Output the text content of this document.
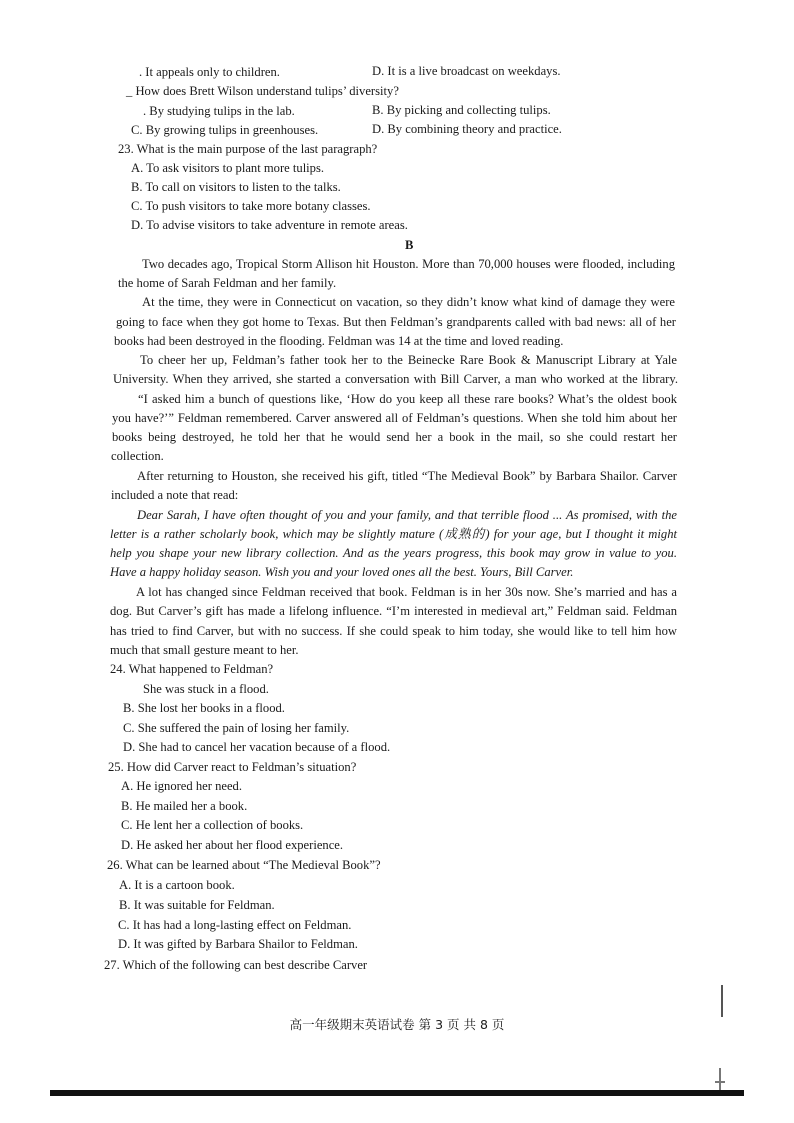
. It appeals only to children.	D. It is a live broadcast on weekdays.
_ How does Brett Wilson understand tulips’ diversity?
. By studying tulips in the lab.	B. By picking and collecting tulips.
C. By growing tulips in greenhouses.	D. By combining theory and practice.
23. What is the main purpose of the last paragraph?
A. To ask visitors to plant more tulips.
B. To call on visitors to listen to the talks.
C. To push visitors to take more botany classes.
D. To advise visitors to take adventure in remote areas.
B
Two decades ago, Tropical Storm Allison hit Houston. More than 70,000 houses were flooded, including
the home of Sarah Feldman and her family.
At the time, they were in Connecticut on vacation, so they didn’t know what kind of damage they were
going to face when they got home to Texas. But then Feldman’s grandparents called with bad news: all of her
books had been destroyed in the flooding. Feldman was 14 at the time and loved reading.
To cheer her up, Feldman’s father took her to the Beinecke Rare Book & Manuscript Library at Yale
University. When they arrived, she started a conversation with Bill Carver, a man who worked at the library.
“I asked him a bunch of questions like, ‘How do you keep all these rare books? What’s the oldest book
you have?’” Feldman remembered. Carver answered all of Feldman’s questions. When she told him about her
books being destroyed, he told her that he would send her a book in the mail, so she could restart her
collection.
After returning to Houston, she received his gift, titled “The Medieval Book” by Barbara Shailor. Carver
included a note that read:
Dear Sarah, I have often thought of you and your family, and that terrible flood ... As promised, with the
letter is a rather scholarly book, which may be slightly mature (成熟的) for your age, but I thought it might
help you shape your new library collection. And as the years progress, this book may grow in value to you.
Have a happy holiday season. Wish you and your loved ones all the best. Yours, Bill Carver.
A lot has changed since Feldman received that book. Feldman is in her 30s now. She’s married and has a
dog. But Carver’s gift has made a lifelong influence. “I’m interested in medieval art,” Feldman said. Feldman
has tried to find Carver, but with no success. If she could speak to him today, she would like to tell him how
much that small gesture meant to her.
24. What happened to Feldman?
She was stuck in a flood.
B. She lost her books in a flood.
C. She suffered the pain of losing her family.
D. She had to cancel her vacation because of a flood.
25. How did Carver react to Feldman’s situation?
A. He ignored her need.
B. He mailed her a book.
C. He lent her a collection of books.
D. He asked her about her flood experience.
26. What can be learned about “The Medieval Book”?
A. It is a cartoon book.
B. It was suitable for Feldman.
C. It has had a long-lasting effect on Feldman.
D. It was gifted by Barbara Shailor to Feldman.
27. Which of the following can best describe Carver
高一年级期末英语试卷 第 3 页 共 8 页
